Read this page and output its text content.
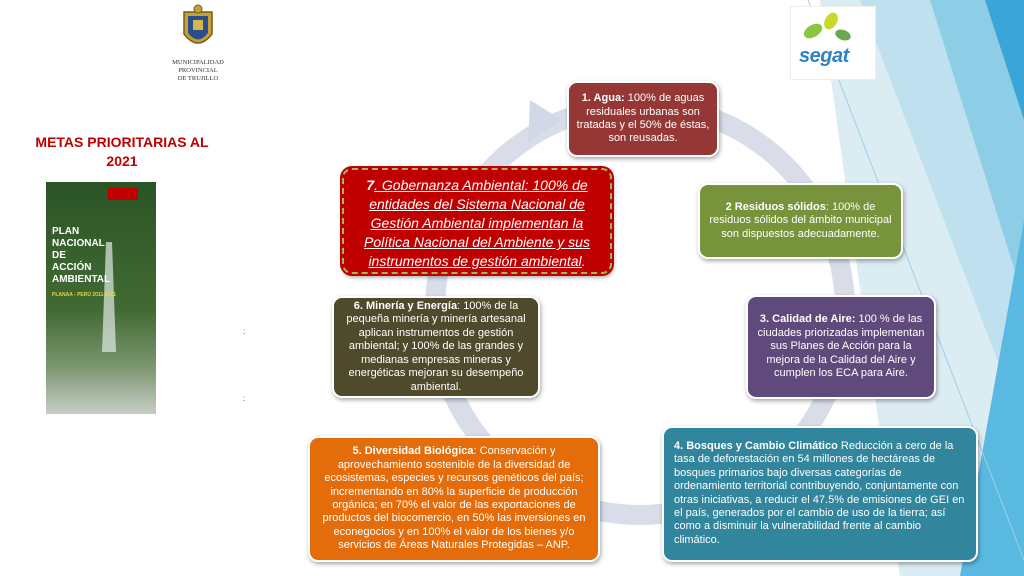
MUNICIPALIDAD
PROVINCIAL
DE TRUJILLO
segat
METAS PRIORITARIAS AL
2021
PLAN
NACIONAL
DE
ACCIÓN
AMBIENTAL
PLANAA - PERÚ 2011-2021
:
:
1. Agua: 100% de aguas residuales urbanas son tratadas y el 50% de éstas, son reusadas.
2 Residuos sólidos: 100% de residuos sólidos del ámbito municipal son dispuestos adecuadamente.
3. Calidad de Aire: 100 % de las ciudades priorizadas implementan sus Planes de Acción para la mejora de la Calidad del Aire y cumplen los ECA para Aire.
4. Bosques y Cambio Climático Reducción a cero de la tasa de deforestación en 54 millones de hectáreas de bosques primarios bajo diversas categorías de ordenamiento territorial contribuyendo, conjuntamente con otras iniciativas, a reducir el 47.5% de emisiones de GEI en el país, generados por el cambio de uso de la tierra; así como a disminuir la vulnerabilidad frente al cambio climático.
5. Diversidad Biológica: Conservación y aprovechamiento sostenible de la diversidad de ecosistemas, especies y recursos genéticos del país; incrementando en 80% la superficie de producción orgánica; en 70% el valor de las exportaciones de productos del biocomercio, en 50% las inversiones en econegocios y en 100% el valor de los bienes y/o servicios de Áreas Naturales Protegidas – ANP.
6. Minería y Energía: 100% de la pequeña minería y minería artesanal aplican instrumentos de gestión ambiental; y 100% de las grandes y medianas empresas mineras y energéticas mejoran su desempeño ambiental.
7. Gobernanza Ambiental: 100% de entidades del Sistema Nacional de Gestión Ambiental implementan la Política Nacional del Ambiente y sus instrumentos de gestión ambiental.
